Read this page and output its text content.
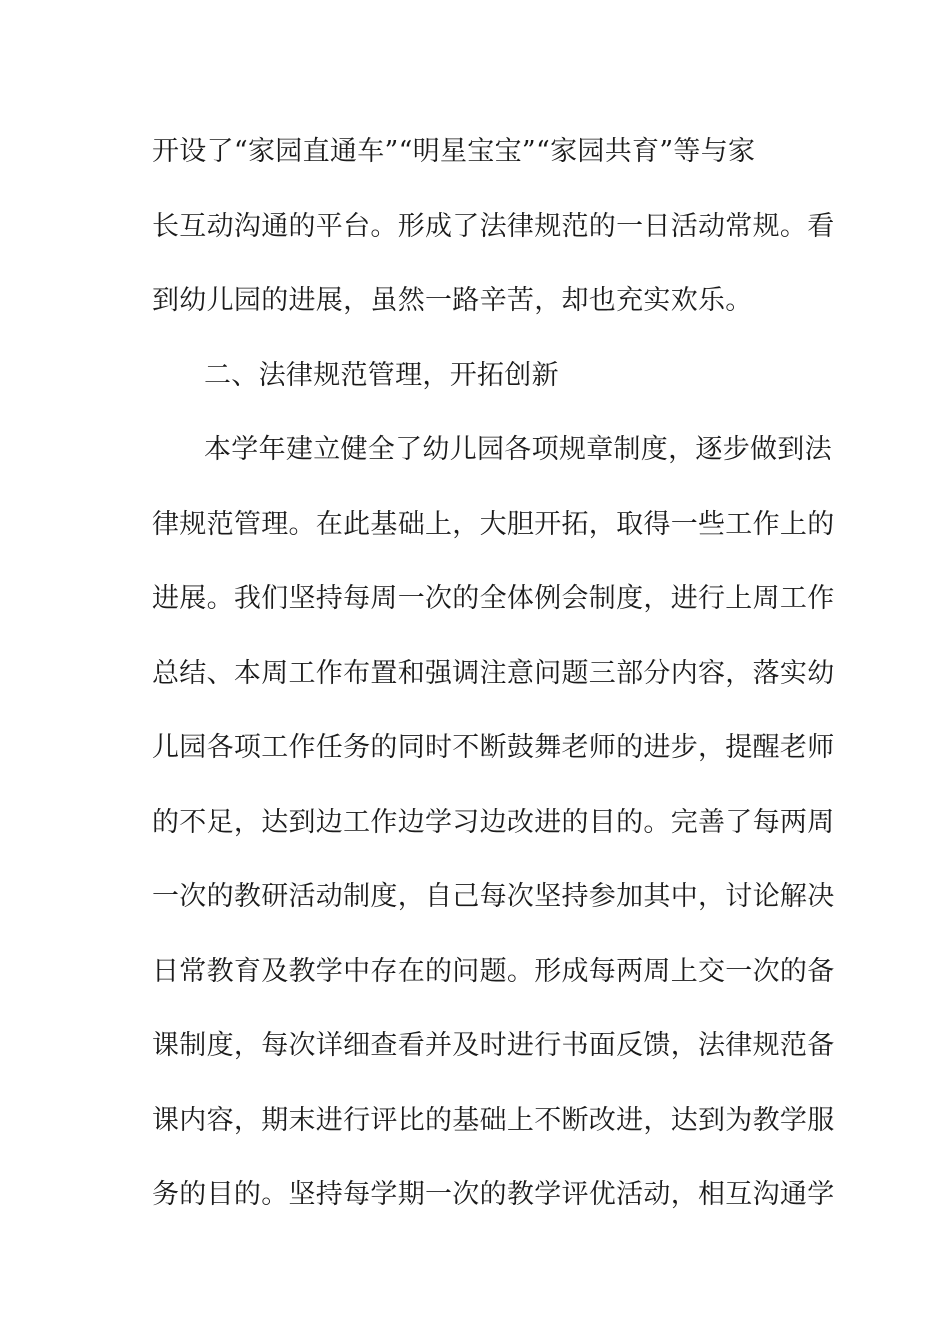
开设了“家园直通车”“明星宝宝”“家园共育”等与家
长互动沟通的平台。形成了法律规范的一日活动常规。看
到幼儿园的进展，虽然一路辛苦，却也充实欢乐。
二、法律规范管理，开拓创新
本学年建立健全了幼儿园各项规章制度，逐步做到法
律规范管理。在此基础上，大胆开拓，取得一些工作上的
进展。我们坚持每周一次的全体例会制度，进行上周工作
总结、本周工作布置和强调注意问题三部分内容，落实幼
儿园各项工作任务的同时不断鼓舞老师的进步，提醒老师
的不足，达到边工作边学习边改进的目的。完善了每两周
一次的教研活动制度，自己每次坚持参加其中，讨论解决
日常教育及教学中存在的问题。形成每两周上交一次的备
课制度，每次详细查看并及时进行书面反馈，法律规范备
课内容，期末进行评比的基础上不断改进，达到为教学服
务的目的。坚持每学期一次的教学评优活动，相互沟通学
